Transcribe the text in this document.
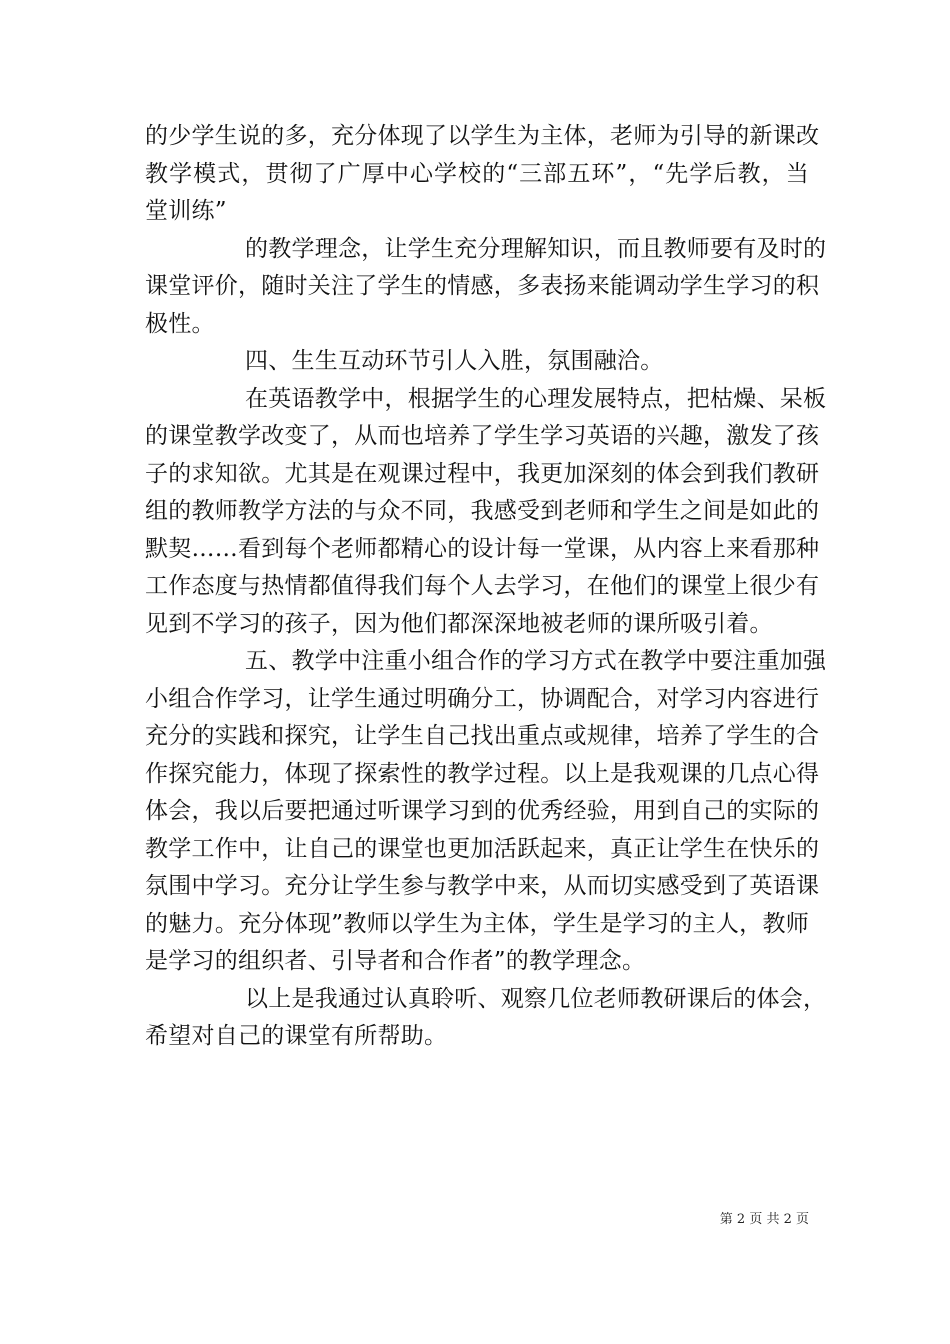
的少学生说的多，充分体现了以学生为主体，老师为引导的新课改
教学模式，贯彻了广厚中心学校的“三部五环”，“先学后教，当
堂训练”
的教学理念，让学生充分理解知识，而且教师要有及时的
课堂评价，随时关注了学生的情感，多表扬来能调动学生学习的积
极性。
四、生生互动环节引人入胜，氛围融洽。
在英语教学中，根据学生的心理发展特点，把枯燥、呆板
的课堂教学改变了，从而也培养了学生学习英语的兴趣，激发了孩
子的求知欲。尤其是在观课过程中，我更加深刻的体会到我们教研
组的教师教学方法的与众不同，我感受到老师和学生之间是如此的
默契……看到每个老师都精心的设计每一堂课，从内容上来看那种
工作态度与热情都值得我们每个人去学习，在他们的课堂上很少有
见到不学习的孩子，因为他们都深深地被老师的课所吸引着。
五、教学中注重小组合作的学习方式在教学中要注重加强
小组合作学习，让学生通过明确分工，协调配合，对学习内容进行
充分的实践和探究，让学生自己找出重点或规律，培养了学生的合
作探究能力，体现了探索性的教学过程。以上是我观课的几点心得
体会，我以后要把通过听课学习到的优秀经验，用到自己的实际的
教学工作中，让自己的课堂也更加活跃起来，真正让学生在快乐的
氛围中学习。充分让学生参与教学中来，从而切实感受到了英语课
的魅力。充分体现”教师以学生为主体，学生是学习的主人，教师
是学习的组织者、引导者和合作者”的教学理念。
以上是我通过认真聆听、观察几位老师教研课后的体会，
希望对自己的课堂有所帮助。
第 2 页 共 2 页
